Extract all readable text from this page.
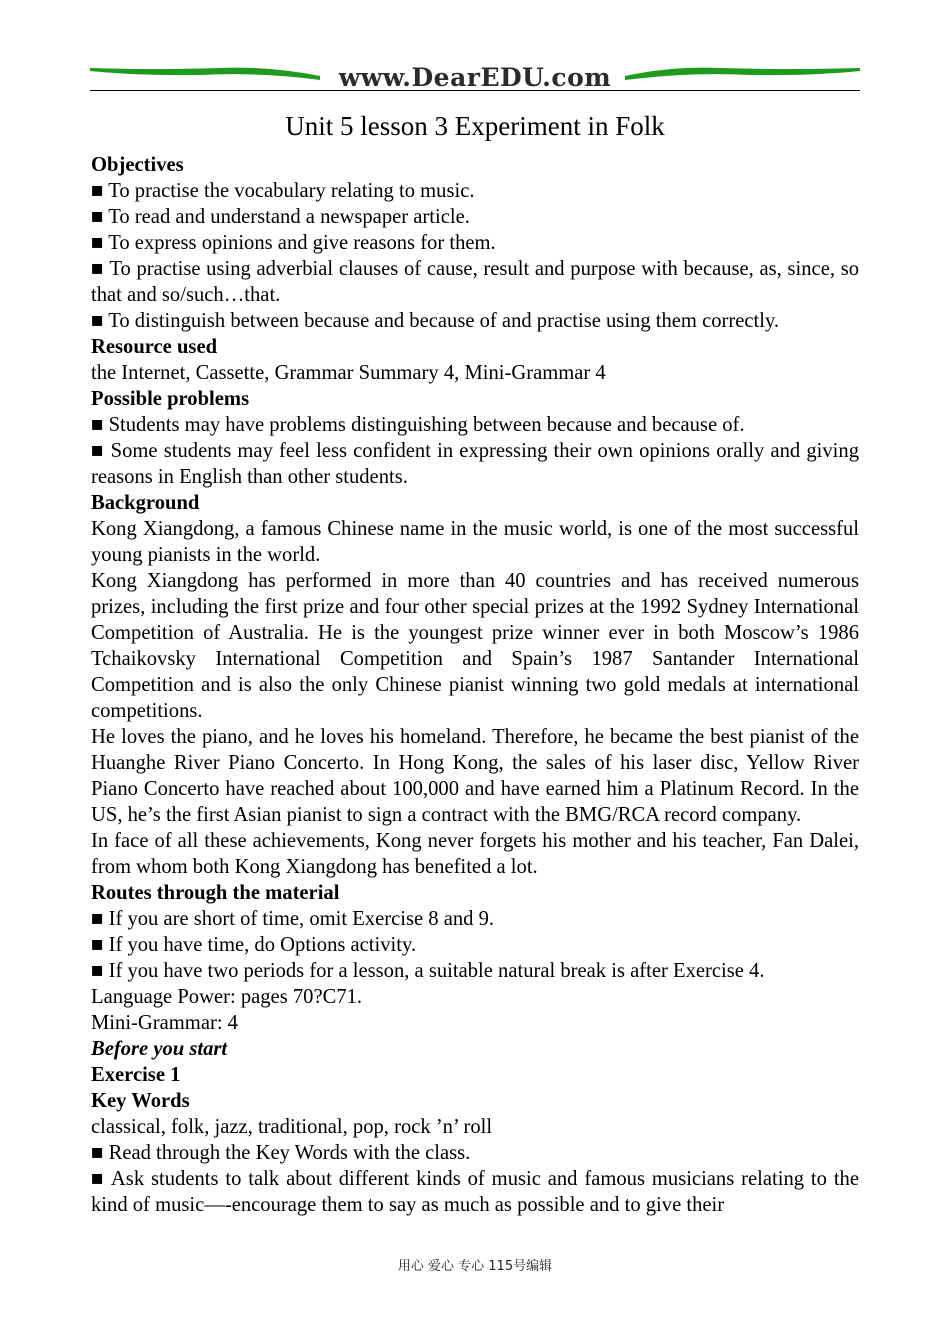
www.DearEDU.com
Unit 5 lesson 3 Experiment in Folk

Objectives

■ To practise the vocabulary relating to music.

■ To read and understand a newspaper article.

■ To express opinions and give reasons for them.

■ To practise using adverbial clauses of cause, result and purpose with because, as, since, so that and so/such…that.

■ To distinguish between because and because of and practise using them correctly.

Resource used

the Internet, Cassette, Grammar Summary 4, Mini-Grammar 4

Possible problems

■ Students may have problems distinguishing between because and because of.

■ Some students may feel less confident in expressing their own opinions orally and giving reasons in English than other students.

Background

Kong Xiangdong, a famous Chinese name in the music world, is one of the most successful young pianists in the world.

Kong Xiangdong has performed in more than 40 countries and has received numerous prizes, including the first prize and four other special prizes at the 1992 Sydney International Competition of Australia. He is the youngest prize winner ever in both Moscow’s 1986 Tchaikovsky International Competition and Spain’s 1987 Santander International Competition and is also the only Chinese pianist winning two gold medals at international competitions.

He loves the piano, and he loves his homeland. Therefore, he became the best pianist of the Huanghe River Piano Concerto. In Hong Kong, the sales of his laser disc, Yellow River Piano Concerto have reached about 100,000 and have earned him a Platinum Record. In the US, he’s the first Asian pianist to sign a contract with the BMG/RCA record company.

In face of all these achievements, Kong never forgets his mother and his teacher, Fan Dalei, from whom both Kong Xiangdong has benefited a lot.

Routes through the material

■ If you are short of time, omit Exercise 8 and 9.

■ If you have time, do Options activity.

■ If you have two periods for a lesson, a suitable natural break is after Exercise 4.

Language Power: pages 70?C71.

Mini-Grammar: 4

Before you start

Exercise 1

Key Words

classical, folk, jazz, traditional, pop, rock ’n’ roll

■ Read through the Key Words with the class.

■ Ask students to talk about different kinds of music and famous musicians relating to the kind of music—-encourage them to say as much as possible and to give their

用心 爱心 专心 115号编辑
